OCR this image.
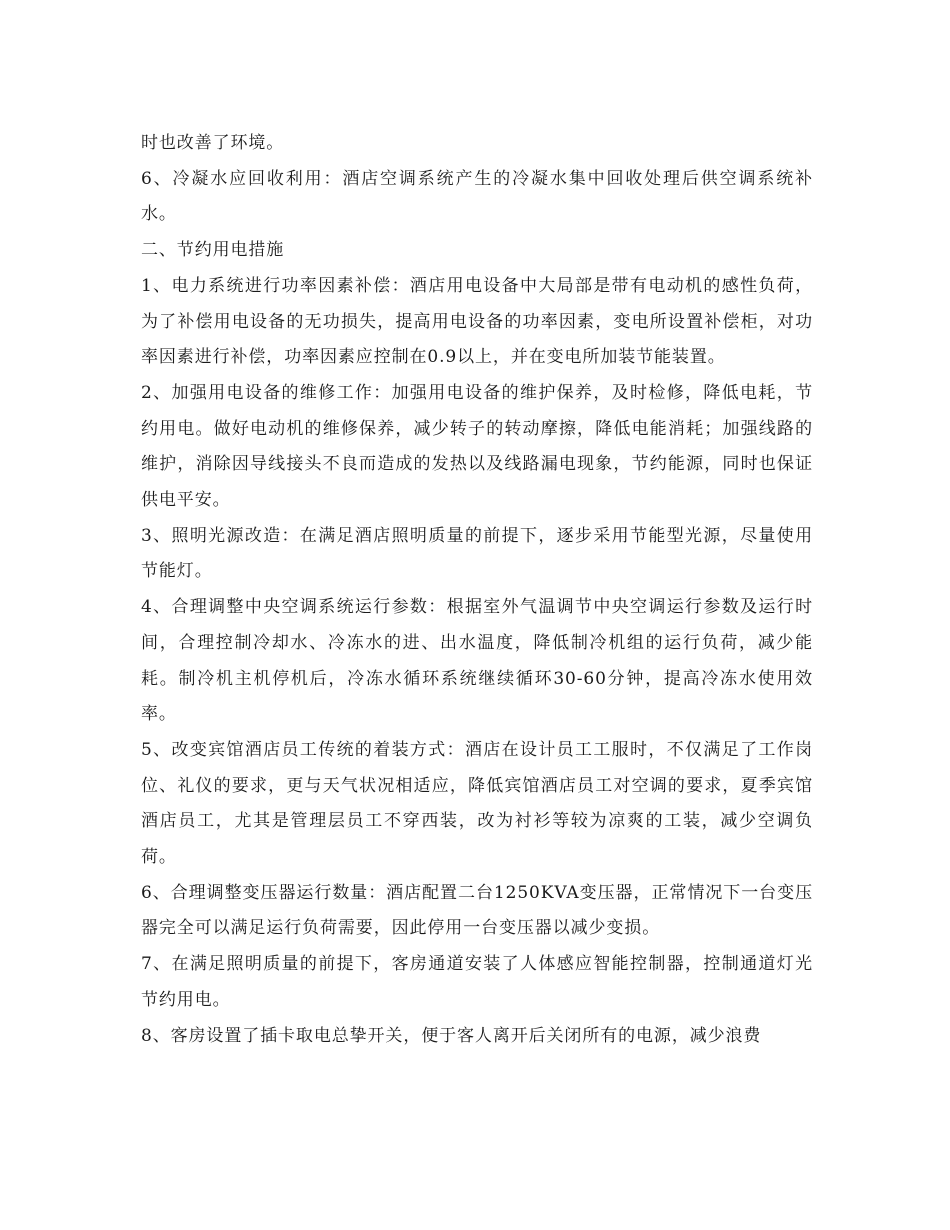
时也改善了环境。

6、冷凝水应回收利用：酒店空调系统产生的冷凝水集中回收处理后供空调系统补水。

二、节约用电措施

1、电力系统进行功率因素补偿：酒店用电设备中大局部是带有电动机的感性负荷，为了补偿用电设备的无功损失，提高用电设备的功率因素，变电所设置补偿柜，对功率因素进行补偿，功率因素应控制在0.9以上，并在变电所加装节能装置。

2、加强用电设备的维修工作：加强用电设备的维护保养，及时检修，降低电耗，节约用电。做好电动机的维修保养，减少转子的转动摩擦，降低电能消耗；加强线路的维护，消除因导线接头不良而造成的发热以及线路漏电现象，节约能源，同时也保证供电平安。

3、照明光源改造：在满足酒店照明质量的前提下，逐步采用节能型光源，尽量使用节能灯。

4、合理调整中央空调系统运行参数：根据室外气温调节中央空调运行参数及运行时间，合理控制冷却水、冷冻水的进、出水温度，降低制冷机组的运行负荷，减少能耗。制冷机主机停机后，冷冻水循环系统继续循环30-60分钟，提高冷冻水使用效率。

5、改变宾馆酒店员工传统的着装方式：酒店在设计员工工服时，不仅满足了工作岗位、礼仪的要求，更与天气状况相适应，降低宾馆酒店员工对空调的要求，夏季宾馆酒店员工，尤其是管理层员工不穿西装，改为衬衫等较为凉爽的工装，减少空调负荷。

6、合理调整变压器运行数量：酒店配置二台1250KVA变压器，正常情况下一台变压器完全可以满足运行负荷需要，因此停用一台变压器以减少变损。

7、在满足照明质量的前提下，客房通道安装了人体感应智能控制器，控制通道灯光节约用电。

8、客房设置了插卡取电总挚开关，便于客人离开后关闭所有的电源，减少浪费
